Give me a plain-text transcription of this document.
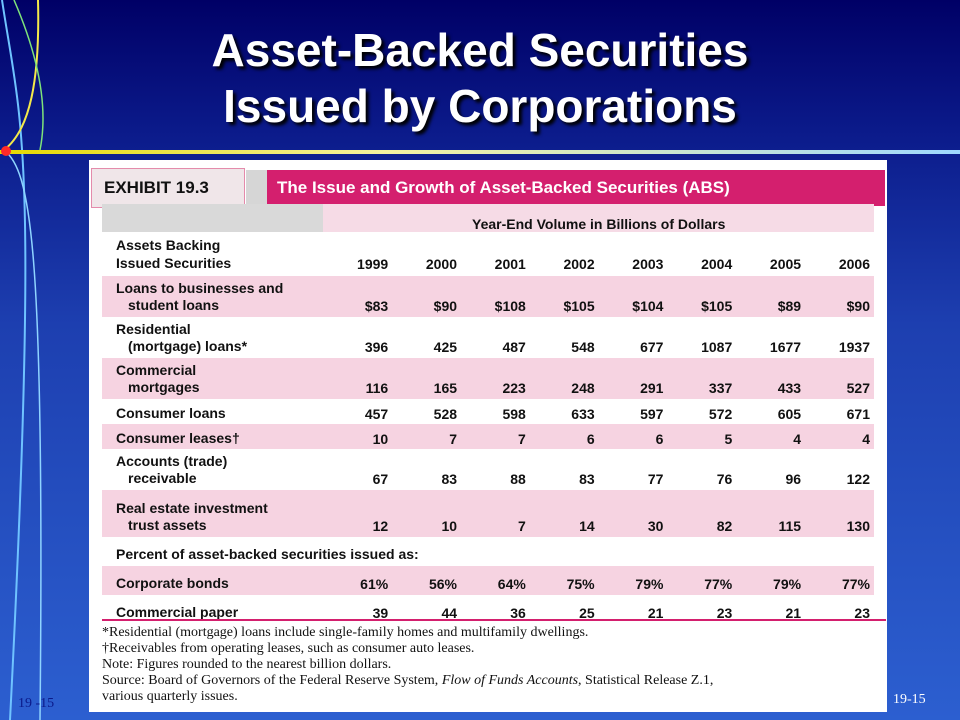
Asset-Backed Securities
Issued by Corporations
EXHIBIT 19.3	The Issue and Growth of Asset-Backed Securities (ABS)
	Year-End Volume in Billions of Dollars							
Assets Backing
Issued Securities	1999	2000	2001	2002	2003	2004	2005	2006
Loans to businesses and
student loans	$83	$90	$108	$105	$104	$105	$89	$90
Residential
(mortgage) loans*	396	425	487	548	677	1087	1677	1937
Commercial
mortgages	116	165	223	248	291	337	433	527
Consumer loans	457	528	598	633	597	572	605	671
Consumer leases†	10	7	7	6	6	5	4	4
Accounts (trade)
receivable	67	83	88	83	77	76	96	122
Real estate investment
trust assets	12	10	7	14	30	82	115	130
Percent of asset-backed securities issued as:								
Corporate bonds	61%	56%	64%	75%	79%	77%	79%	77%
Commercial paper	39	44	36	25	21	23	21	23
*Residential (mortgage) loans include single-family homes and multifamily dwellings.
†Receivables from operating leases, such as consumer auto leases.
Note: Figures rounded to the nearest billion dollars.
Source: Board of Governors of the Federal Reserve System, Flow of Funds Accounts, Statistical Release Z.1,
various quarterly issues.
19 -15	19-15
